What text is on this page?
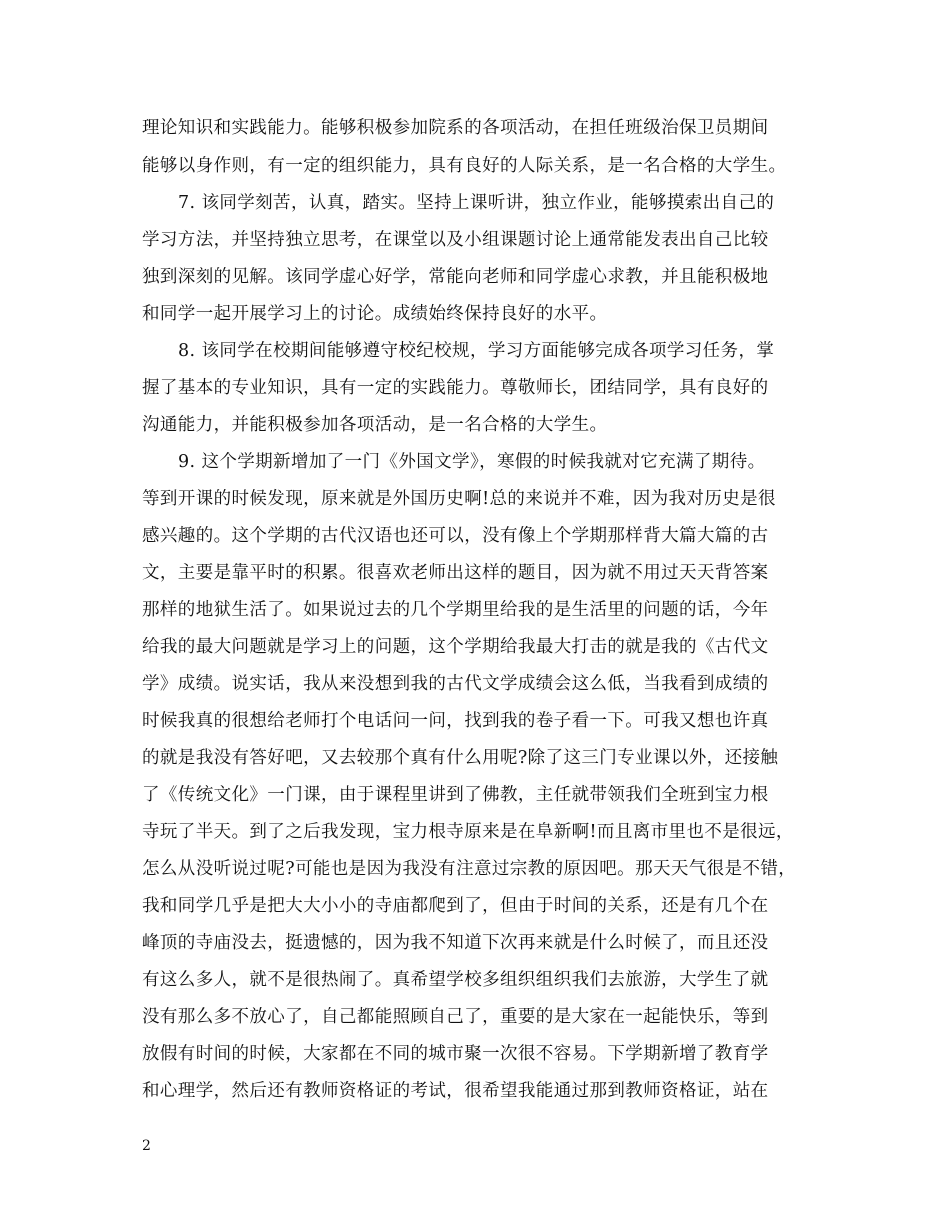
理论知识和实践能力。能够积极参加院系的各项活动，在担任班级治保卫员期间
能够以身作则，有一定的组织能力，具有良好的人际关系，是一名合格的大学生。
7. 该同学刻苦，认真，踏实。坚持上课听讲，独立作业，能够摸索出自己的
学习方法，并坚持独立思考，在课堂以及小组课题讨论上通常能发表出自己比较
独到深刻的见解。该同学虚心好学，常能向老师和同学虚心求教，并且能积极地
和同学一起开展学习上的讨论。成绩始终保持良好的水平。
8. 该同学在校期间能够遵守校纪校规，学习方面能够完成各项学习任务，掌
握了基本的专业知识，具有一定的实践能力。尊敬师长，团结同学，具有良好的
沟通能力，并能积极参加各项活动，是一名合格的大学生。
9. 这个学期新增加了一门《外国文学》，寒假的时候我就对它充满了期待。
等到开课的时候发现，原来就是外国历史啊!总的来说并不难，因为我对历史是很
感兴趣的。这个学期的古代汉语也还可以，没有像上个学期那样背大篇大篇的古
文，主要是靠平时的积累。很喜欢老师出这样的题目，因为就不用过天天背答案
那样的地狱生活了。如果说过去的几个学期里给我的是生活里的问题的话，今年
给我的最大问题就是学习上的问题，这个学期给我最大打击的就是我的《古代文
学》成绩。说实话，我从来没想到我的古代文学成绩会这么低，当我看到成绩的
时候我真的很想给老师打个电话问一问，找到我的卷子看一下。可我又想也许真
的就是我没有答好吧，又去较那个真有什么用呢?除了这三门专业课以外，还接触
了《传统文化》一门课，由于课程里讲到了佛教，主任就带领我们全班到宝力根
寺玩了半天。到了之后我发现，宝力根寺原来是在阜新啊!而且离市里也不是很远，
怎么从没听说过呢?可能也是因为我没有注意过宗教的原因吧。那天天气很是不错，
我和同学几乎是把大大小小的寺庙都爬到了，但由于时间的关系，还是有几个在
峰顶的寺庙没去，挺遗憾的，因为我不知道下次再来就是什么时候了，而且还没
有这么多人，就不是很热闹了。真希望学校多组织组织我们去旅游，大学生了就
没有那么多不放心了，自己都能照顾自己了，重要的是大家在一起能快乐，等到
放假有时间的时候，大家都在不同的城市聚一次很不容易。下学期新增了教育学
和心理学，然后还有教师资格证的考试，很希望我能通过那到教师资格证，站在
2
